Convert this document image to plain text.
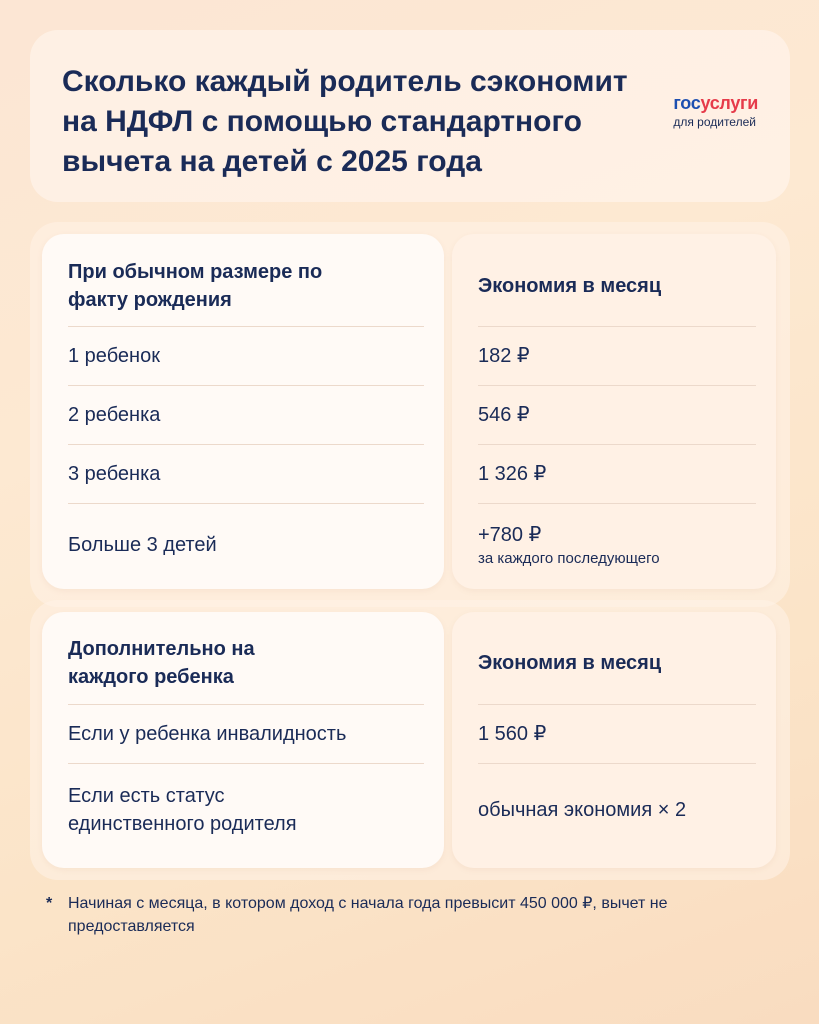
Сколько каждый родитель сэкономит на НДФЛ с помощью стандартного вычета на детей с 2025 года
госуслуги
для родителей
При обычном размере по факту рождения
1 ребенок
2 ребенка
3 ребенка
Больше 3 детей
Экономия в месяц
182 ₽
546 ₽
1 326 ₽
+780 ₽
за каждого последующего
Дополнительно на каждого ребенка
Если у ребенка инвалидность
Если есть статус единственного родителя
Экономия в месяц
1 560 ₽
обычная экономия × 2
* Начиная с месяца, в котором доход с начала года превысит 450 000 ₽, вычет не предоставляется
